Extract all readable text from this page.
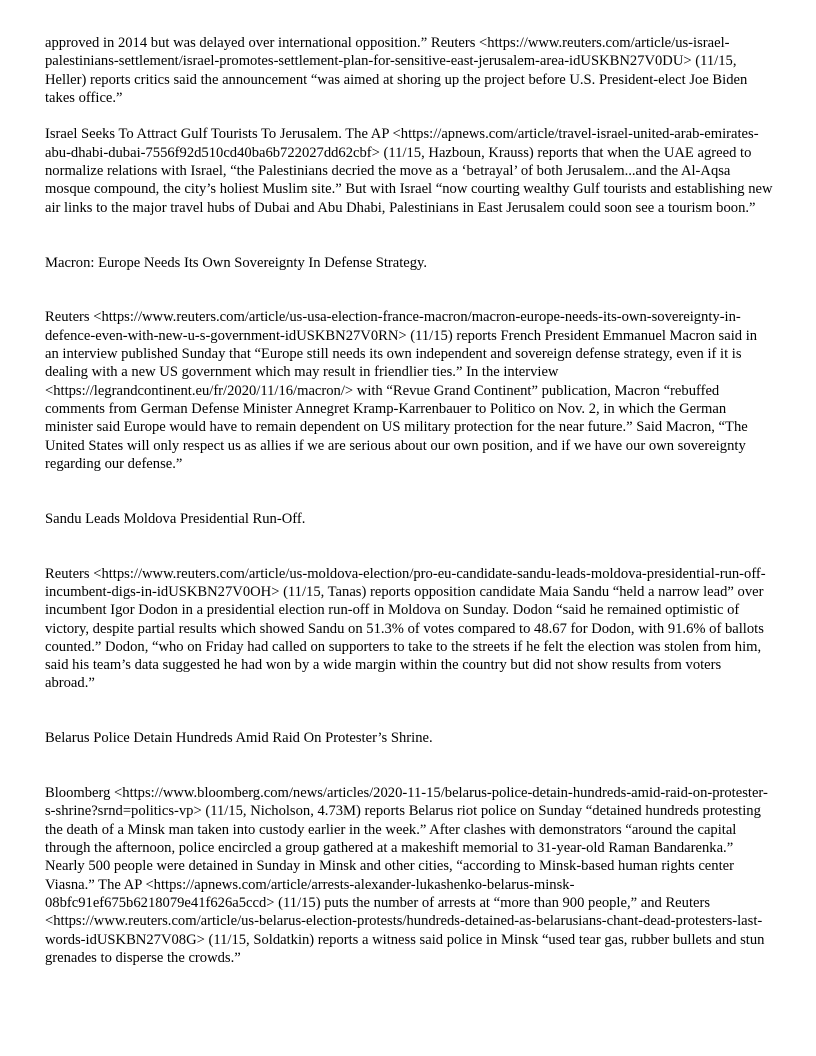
approved in 2014 but was delayed over international opposition.” Reuters <https://www.reuters.com/article/us-israel-palestinians-settlement/israel-promotes-settlement-plan-for-sensitive-east-jerusalem-area-idUSKBN27V0DU> (11/15, Heller) reports critics said the announcement “was aimed at shoring up the project before U.S. President-elect Joe Biden takes office.”

Israel Seeks To Attract Gulf Tourists To Jerusalem. The AP <https://apnews.com/article/travel-israel-united-arab-emirates-abu-dhabi-dubai-7556f92d510cd40ba6b722027dd62cbf> (11/15, Hazboun, Krauss) reports that when the UAE agreed to normalize relations with Israel, “the Palestinians decried the move as a ‘betrayal’ of both Jerusalem...and the Al-Aqsa mosque compound, the city’s holiest Muslim site.” But with Israel “now courting wealthy Gulf tourists and establishing new air links to the major travel hubs of Dubai and Abu Dhabi, Palestinians in East Jerusalem could soon see a tourism boon.”

Macron: Europe Needs Its Own Sovereignty In Defense Strategy.

Reuters <https://www.reuters.com/article/us-usa-election-france-macron/macron-europe-needs-its-own-sovereignty-in-defence-even-with-new-u-s-government-idUSKBN27V0RN> (11/15) reports French President Emmanuel Macron said in an interview published Sunday that “Europe still needs its own independent and sovereign defense strategy, even if it is dealing with a new US government which may result in friendlier ties.” In the interview <https://legrandcontinent.eu/fr/2020/11/16/macron/> with “Revue Grand Continent” publication, Macron “rebuffed comments from German Defense Minister Annegret Kramp-Karrenbauer to Politico on Nov. 2, in which the German minister said Europe would have to remain dependent on US military protection for the near future.” Said Macron, “The United States will only respect us as allies if we are serious about our own position, and if we have our own sovereignty regarding our defense.”

Sandu Leads Moldova Presidential Run-Off.

Reuters <https://www.reuters.com/article/us-moldova-election/pro-eu-candidate-sandu-leads-moldova-presidential-run-off-incumbent-digs-in-idUSKBN27V0OH> (11/15, Tanas) reports opposition candidate Maia Sandu “held a narrow lead” over incumbent Igor Dodon in a presidential election run-off in Moldova on Sunday. Dodon “said he remained optimistic of victory, despite partial results which showed Sandu on 51.3% of votes compared to 48.67 for Dodon, with 91.6% of ballots counted.” Dodon, “who on Friday had called on supporters to take to the streets if he felt the election was stolen from him, said his team’s data suggested he had won by a wide margin within the country but did not show results from voters abroad.”

Belarus Police Detain Hundreds Amid Raid On Protester’s Shrine.

Bloomberg <https://www.bloomberg.com/news/articles/2020-11-15/belarus-police-detain-hundreds-amid-raid-on-protester-s-shrine?srnd=politics-vp> (11/15, Nicholson, 4.73M) reports Belarus riot police on Sunday “detained hundreds protesting the death of a Minsk man taken into custody earlier in the week.” After clashes with demonstrators “around the capital through the afternoon, police encircled a group gathered at a makeshift memorial to 31-year-old Raman Bandarenka.” Nearly 500 people were detained in Sunday in Minsk and other cities, “according to Minsk-based human rights center Viasna.” The AP <https://apnews.com/article/arrests-alexander-lukashenko-belarus-minsk-08bfc91ef675b6218079e41f626a5ccd> (11/15) puts the number of arrests at “more than 900 people,” and Reuters <https://www.reuters.com/article/us-belarus-election-protests/hundreds-detained-as-belarusians-chant-dead-protesters-last-words-idUSKBN27V08G> (11/15, Soldatkin) reports a witness said police in Minsk “used tear gas, rubber bullets and stun grenades to disperse the crowds.”
